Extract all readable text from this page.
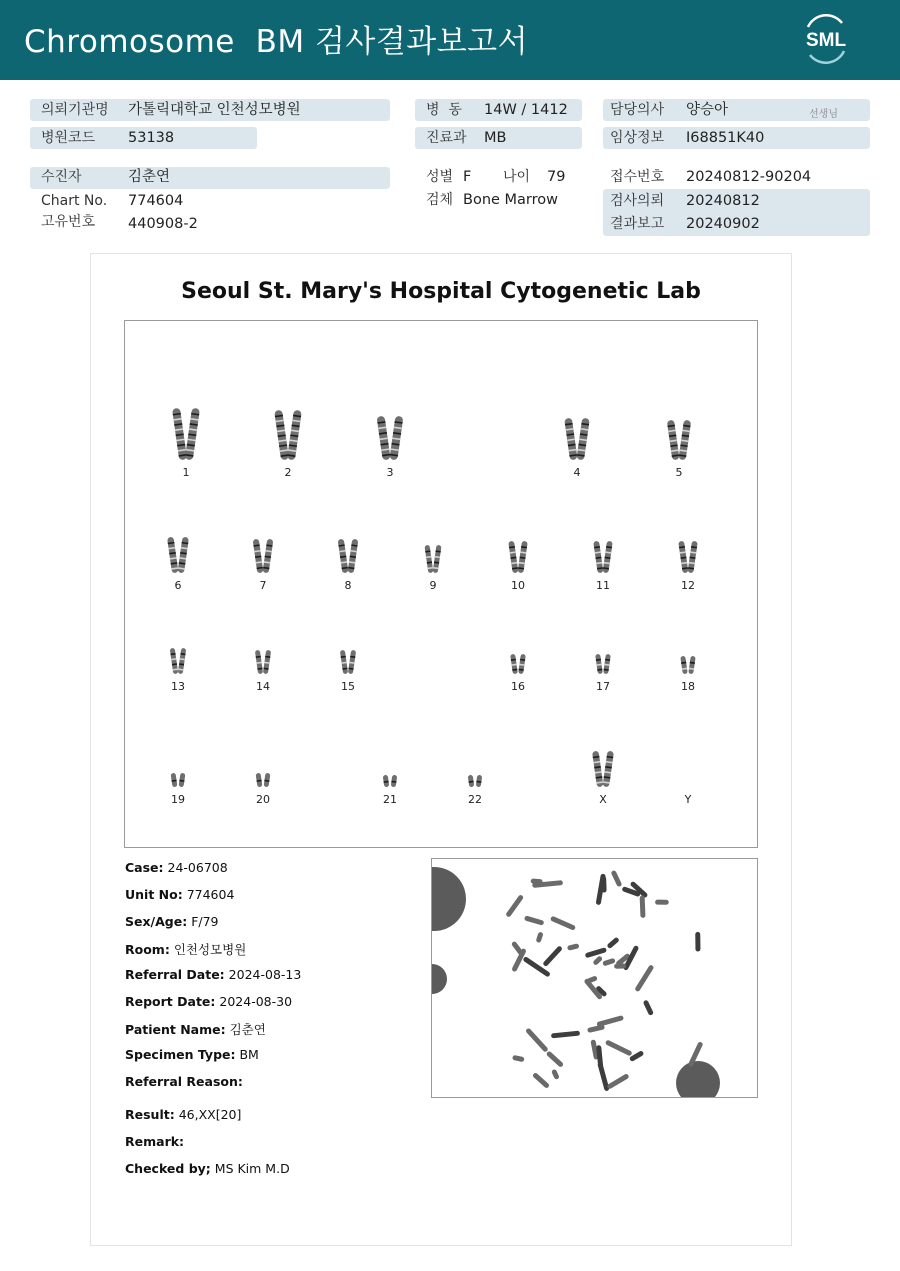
Chromosome  BM 검사결과보고서	SML
의뢰기관명 가톨릭대학교 인천성모병원
병원코드 53138
병  동 14W / 1412
진료과 MB
담당의사 양승아	선생님
임상정보 I68851K40
수진자	김춘연
Chart No. 774604
고유번호 440908-2
성별 F 나이 79
검체 Bone Marrow
접수번호 20240812-90204
검사의뢰 20240812
결과보고 20240902
Seoul St. Mary's Hospital Cytogenetic Lab
1	2	3	4	5
6	7	8	9	10	11	12
13	14	15	16	17	18
19	20	21	22	X	Y
Case: 24-06708
Unit No: 774604
Sex/Age: F/79
Room: 인천성모병원
Referral Date: 2024-08-13
Report Date: 2024-08-30
Patient Name: 김춘연
Specimen Type: BM
Referral Reason:
Result: 46,XX[20]
Remark:
Checked by; MS Kim M.D
